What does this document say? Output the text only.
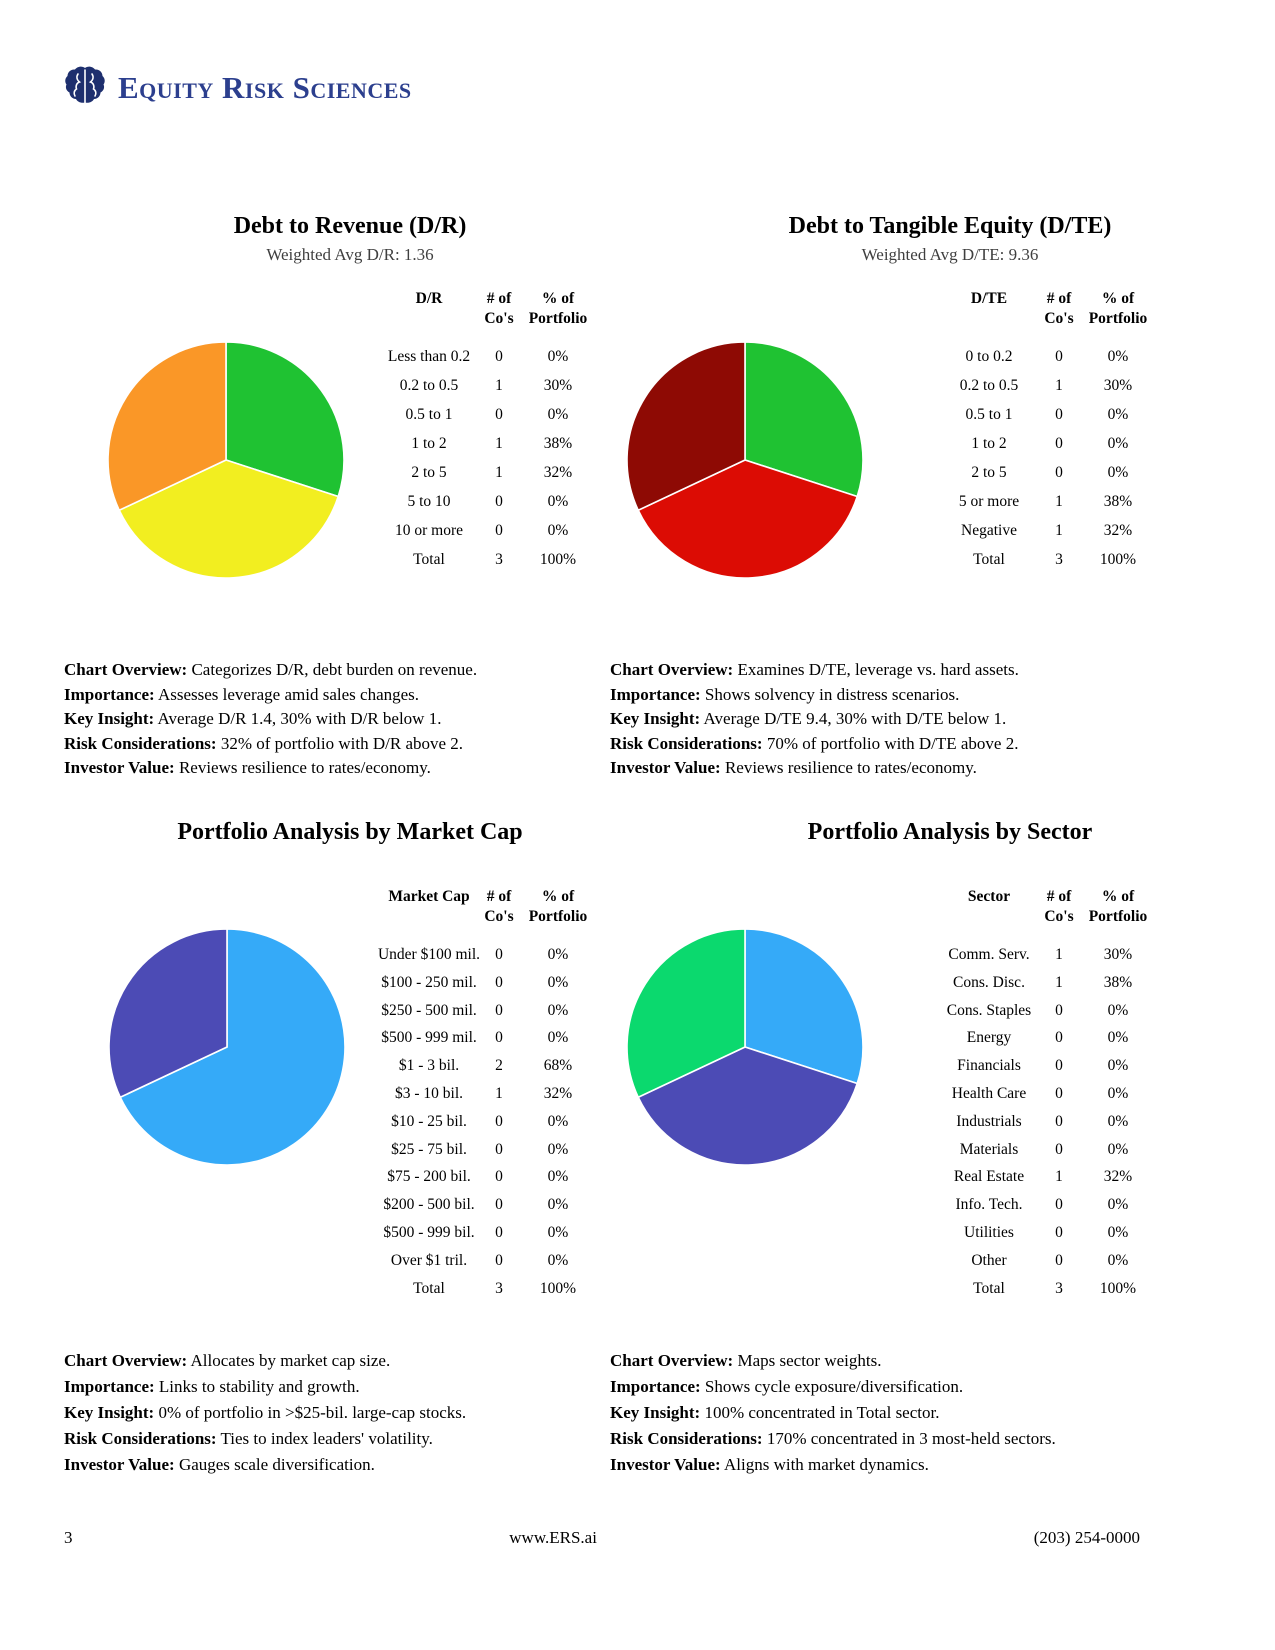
Equity Risk Sciences
Debt to Revenue (D/R)
Weighted Avg D/R: 1.36
Debt to Tangible Equity (D/TE)
Weighted Avg D/TE: 9.36
Portfolio Analysis by Market Cap	Portfolio Analysis by Sector
D/R	# of
Co's
% of
Portfolio
Less than 0.2	0	0%
0.2 to 0.5	1	30%
0.5 to 1	0	0%
1 to 2	1	38%
2 to 5	1	32%
5 to 10	0	0%
10 or more	0	0%
Total	3	100%
D/TE	# of
Co's
% of
Portfolio
0 to 0.2	0	0%
0.2 to 0.5	1	30%
0.5 to 1	0	0%
1 to 2	0	0%
2 to 5	0	0%
5 or more	1	38%
Negative	1	32%
Total	3	100%
Market Cap	# of
Co's
% of
Portfolio
Under $100 mil. 0	0%
$100 - 250 mil.	0	0%
$250 - 500 mil.	0	0%
$500 - 999 mil.	0	0%
$1 - 3 bil.	2	68%
$3 - 10 bil.	1	32%
$10 - 25 bil.	0	0%
$25 - 75 bil.	0	0%
$75 - 200 bil.	0	0%
$200 - 500 bil.	0	0%
$500 - 999 bil.	0	0%
Over $1 tril.	0	0%
Total	3	100%
Sector	# of
Co's
% of
Portfolio
Comm. Serv.	1	30%
Cons. Disc.	1	38%
Cons. Staples	0	0%
Energy	0	0%
Financials	0	0%
Health Care	0	0%
Industrials	0	0%
Materials	0	0%
Real Estate	1	32%
Info. Tech.	0	0%
Utilities	0	0%
Other	0	0%
Total	3	100%
Chart Overview: Categorizes D/R, debt burden on revenue.
Importance: Assesses leverage amid sales changes.
Key Insight: Average D/R 1.4, 30% with D/R below 1.
Risk Considerations: 32% of portfolio with D/R above 2.
Investor Value: Reviews resilience to rates/economy.
Chart Overview: Examines D/TE, leverage vs. hard assets.
Importance: Shows solvency in distress scenarios.
Key Insight: Average D/TE 9.4, 30% with D/TE below 1.
Risk Considerations: 70% of portfolio with D/TE above 2.
Investor Value: Reviews resilience to rates/economy.
Chart Overview: Allocates by market cap size.
Importance: Links to stability and growth.
Key Insight: 0% of portfolio in >$25-bil. large-cap stocks.
Risk Considerations: Ties to index leaders' volatility.
Investor Value: Gauges scale diversification.
Chart Overview: Maps sector weights.
Importance: Shows cycle exposure/diversification.
Key Insight: 100% concentrated in Total sector.
Risk Considerations: 170% concentrated in 3 most-held sectors.
Investor Value: Aligns with market dynamics.
3	www.ERS.ai	(203) 254-0000
